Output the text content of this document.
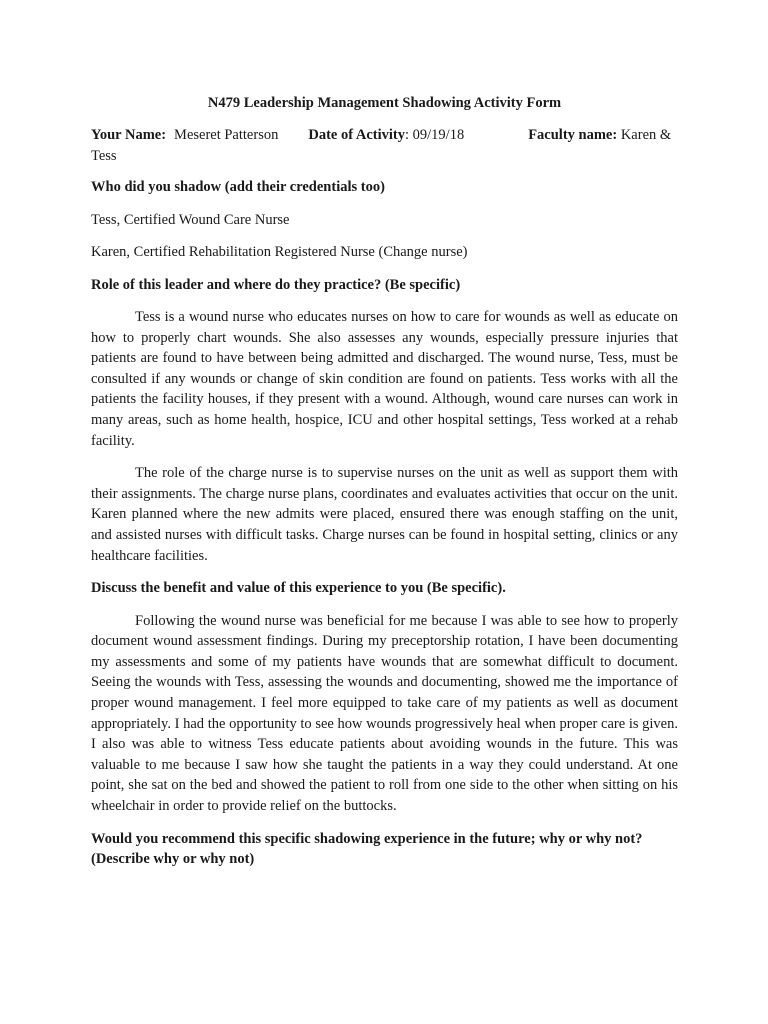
N479 Leadership Management Shadowing Activity Form
Your Name: Meseret Patterson Date of Activity: 09/19/18	Faculty name: Karen & Tess
Who did you shadow (add their credentials too)
Tess, Certified Wound Care Nurse
Karen, Certified Rehabilitation Registered Nurse (Change nurse)
Role of this leader and where do they practice? (Be specific)

Tess is a wound nurse who educates nurses on how to care for wounds as well as educate on how to properly chart wounds. She also assesses any wounds, especially pressure injuries that patients are found to have between being admitted and discharged. The wound nurse, Tess, must be consulted if any wounds or change of skin condition are found on patients. Tess works with all the patients the facility houses, if they present with a wound. Although, wound care nurses can work in many areas, such as home health, hospice, ICU and other hospital settings, Tess worked at a rehab facility.

The role of the charge nurse is to supervise nurses on the unit as well as support them with their assignments. The charge nurse plans, coordinates and evaluates activities that occur on the unit. Karen planned where the new admits were placed, ensured there was enough staffing on the unit, and assisted nurses with difficult tasks. Charge nurses can be found in hospital setting, clinics or any healthcare facilities.

Discuss the benefit and value of this experience to you (Be specific).

Following the wound nurse was beneficial for me because I was able to see how to properly document wound assessment findings. During my preceptorship rotation, I have been documenting my assessments and some of my patients have wounds that are somewhat difficult to document. Seeing the wounds with Tess, assessing the wounds and documenting, showed me the importance of proper wound management. I feel more equipped to take care of my patients as well as document appropriately. I had the opportunity to see how wounds progressively heal when proper care is given. I also was able to witness Tess educate patients about avoiding wounds in the future. This was valuable to me because I saw how she taught the patients in a way they could understand. At one point, she sat on the bed and showed the patient to roll from one side to the other when sitting on his wheelchair in order to provide relief on the buttocks.

Would you recommend this specific shadowing experience in the future; why or why not? (Describe why or why not)
